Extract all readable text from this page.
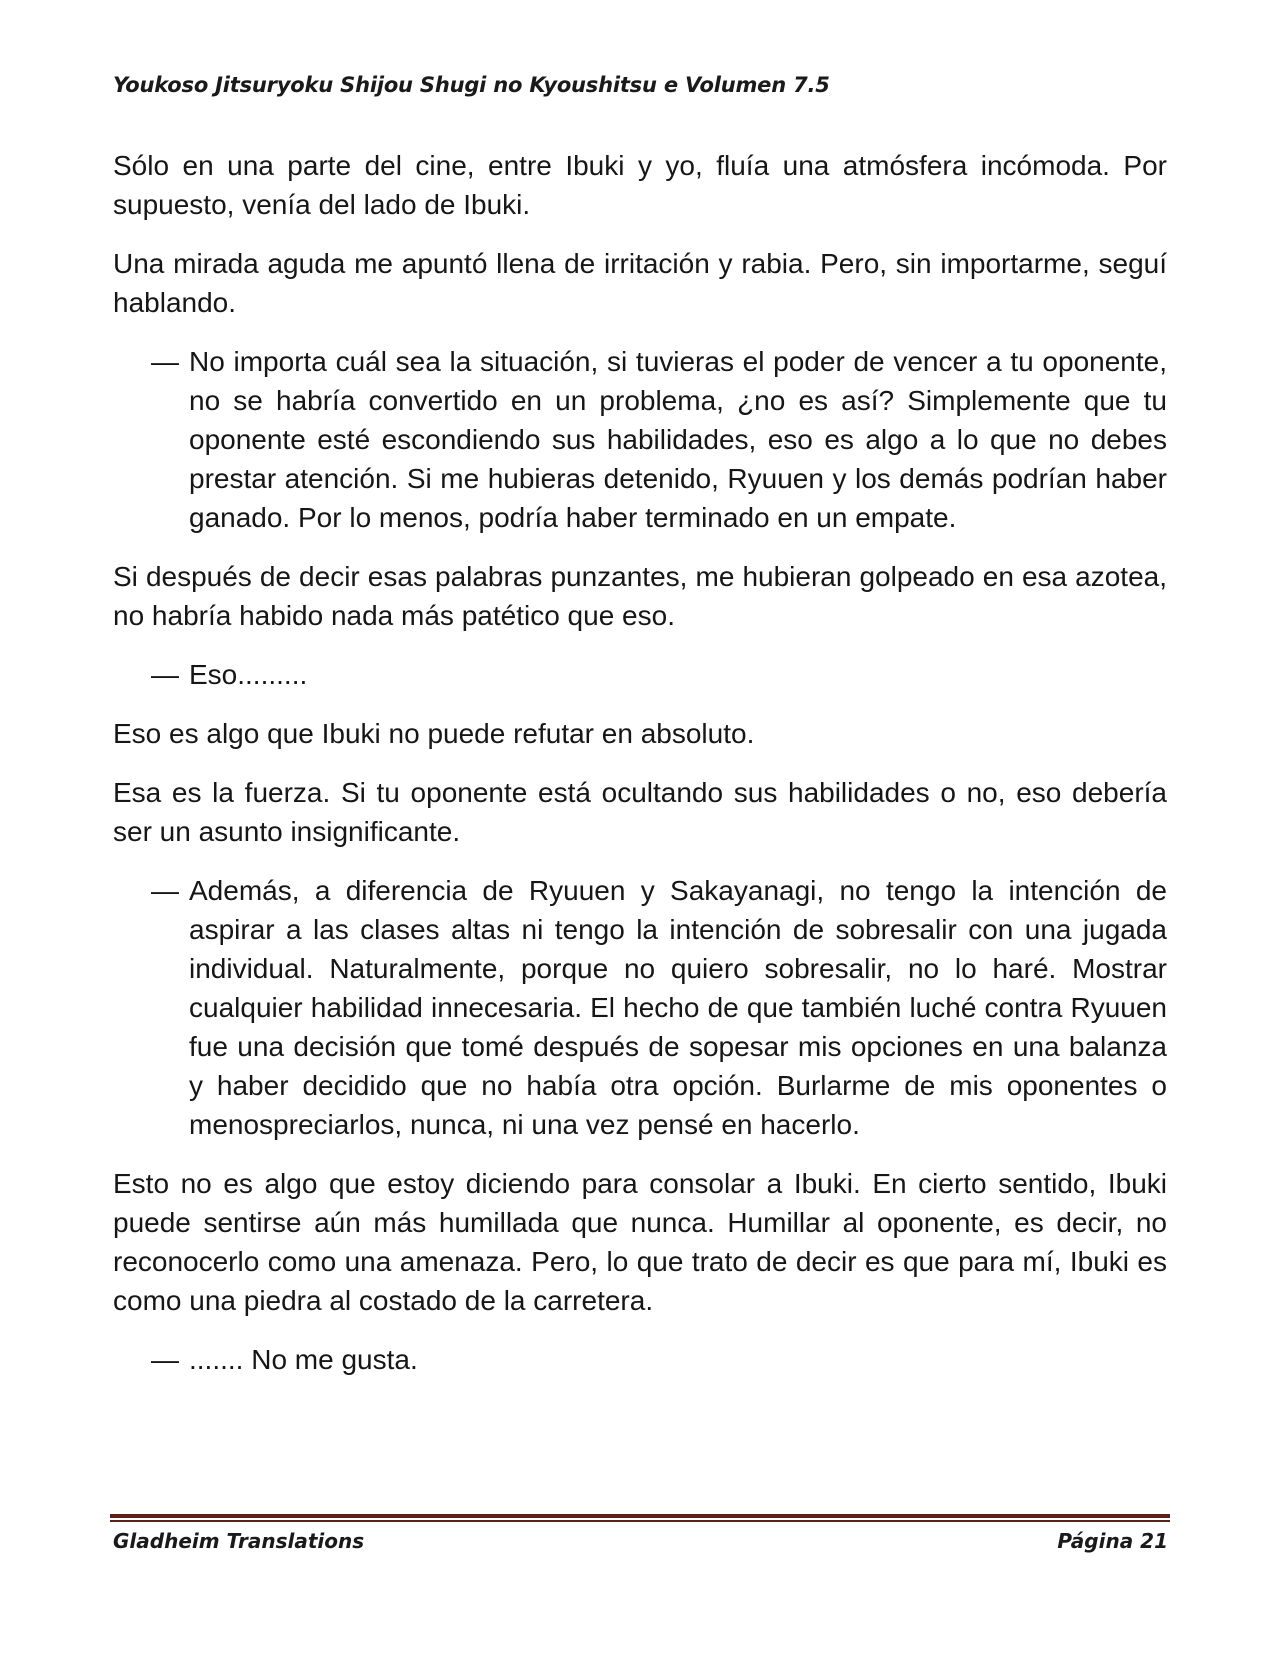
Youkoso Jitsuryoku Shijou Shugi no Kyoushitsu e Volumen 7.5

Sólo en una parte del cine, entre Ibuki y yo, fluía una atmósfera incómoda. Por supuesto, venía del lado de Ibuki.

Una mirada aguda me apuntó llena de irritación y rabia. Pero, sin importarme, seguí hablando.

— No importa cuál sea la situación, si tuvieras el poder de vencer a tu oponente, no se habría convertido en un problema, ¿no es así? Simplemente que tu oponente esté escondiendo sus habilidades, eso es algo a lo que no debes prestar atención. Si me hubieras detenido, Ryuuen y los demás podrían haber ganado. Por lo menos, podría haber terminado en un empate.

Si después de decir esas palabras punzantes, me hubieran golpeado en esa azotea, no habría habido nada más patético que eso.

— Eso.........

Eso es algo que Ibuki no puede refutar en absoluto.

Esa es la fuerza. Si tu oponente está ocultando sus habilidades o no, eso debería ser un asunto insignificante.

— Además, a diferencia de Ryuuen y Sakayanagi, no tengo la intención de aspirar a las clases altas ni tengo la intención de sobresalir con una jugada individual. Naturalmente, porque no quiero sobresalir, no lo haré. Mostrar cualquier habilidad innecesaria. El hecho de que también luché contra Ryuuen fue una decisión que tomé después de sopesar mis opciones en una balanza y haber decidido que no había otra opción. Burlarme de mis oponentes o menospreciarlos, nunca, ni una vez pensé en hacerlo.

Esto no es algo que estoy diciendo para consolar a Ibuki. En cierto sentido, Ibuki puede sentirse aún más humillada que nunca. Humillar al oponente, es decir, no reconocerlo como una amenaza. Pero, lo que trato de decir es que para mí, Ibuki es como una piedra al costado de la carretera.

— ....... No me gusta.

Gladheim Translations	Página 21
